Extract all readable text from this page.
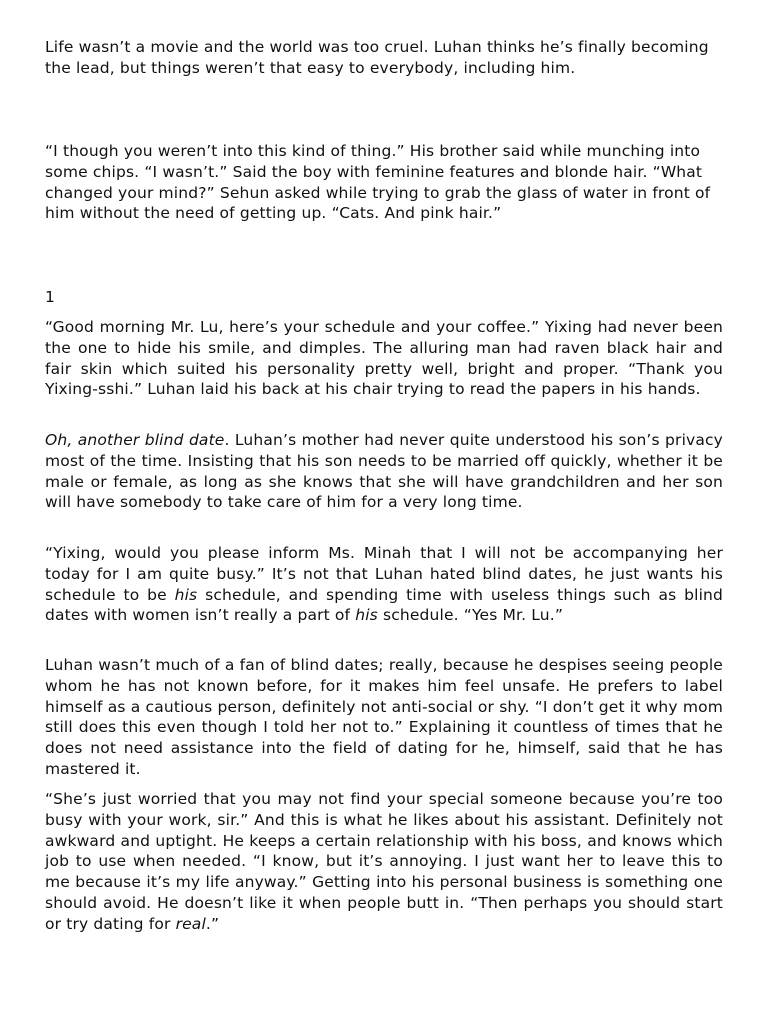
Life wasn’t a movie and the world was too cruel. Luhan thinks he’s finally becoming the lead, but things weren’t that easy to everybody, including him.

“I though you weren’t into this kind of thing.” His brother said while munching into some chips. “I wasn’t.” Said the boy with feminine features and blonde hair. “What changed your mind?” Sehun asked while trying to grab the glass of water in front of him without the need of getting up. “Cats. And pink hair.”

1

“Good morning Mr. Lu, here’s your schedule and your coffee.” Yixing had never been the one to hide his smile, and dimples. The alluring man had raven black hair and fair skin which suited his personality pretty well, bright and proper. “Thank you Yixing-sshi.” Luhan laid his back at his chair trying to read the papers in his hands.

Oh, another blind date. Luhan’s mother had never quite understood his son’s privacy most of the time. Insisting that his son needs to be married off quickly, whether it be male or female, as long as she knows that she will have grandchildren and her son will have somebody to take care of him for a very long time.

“Yixing, would you please inform Ms. Minah that I will not be accompanying her today for I am quite busy.” It’s not that Luhan hated blind dates, he just wants his schedule to be his schedule, and spending time with useless things such as blind dates with women isn’t really a part of his schedule. “Yes Mr. Lu.”

Luhan wasn’t much of a fan of blind dates; really, because he despises seeing people whom he has not known before, for it makes him feel unsafe. He prefers to label himself as a cautious person, definitely not anti-social or shy. “I don’t get it why mom still does this even though I told her not to.” Explaining it countless of times that he does not need assistance into the field of dating for he, himself, said that he has mastered it.

“She’s just worried that you may not find your special someone because you’re too busy with your work, sir.” And this is what he likes about his assistant. Definitely not awkward and uptight. He keeps a certain relationship with his boss, and knows which job to use when needed. “I know, but it’s annoying. I just want her to leave this to me because it’s my life anyway.” Getting into his personal business is something one should avoid. He doesn’t like it when people butt in. “Then perhaps you should start or try dating for real.”
